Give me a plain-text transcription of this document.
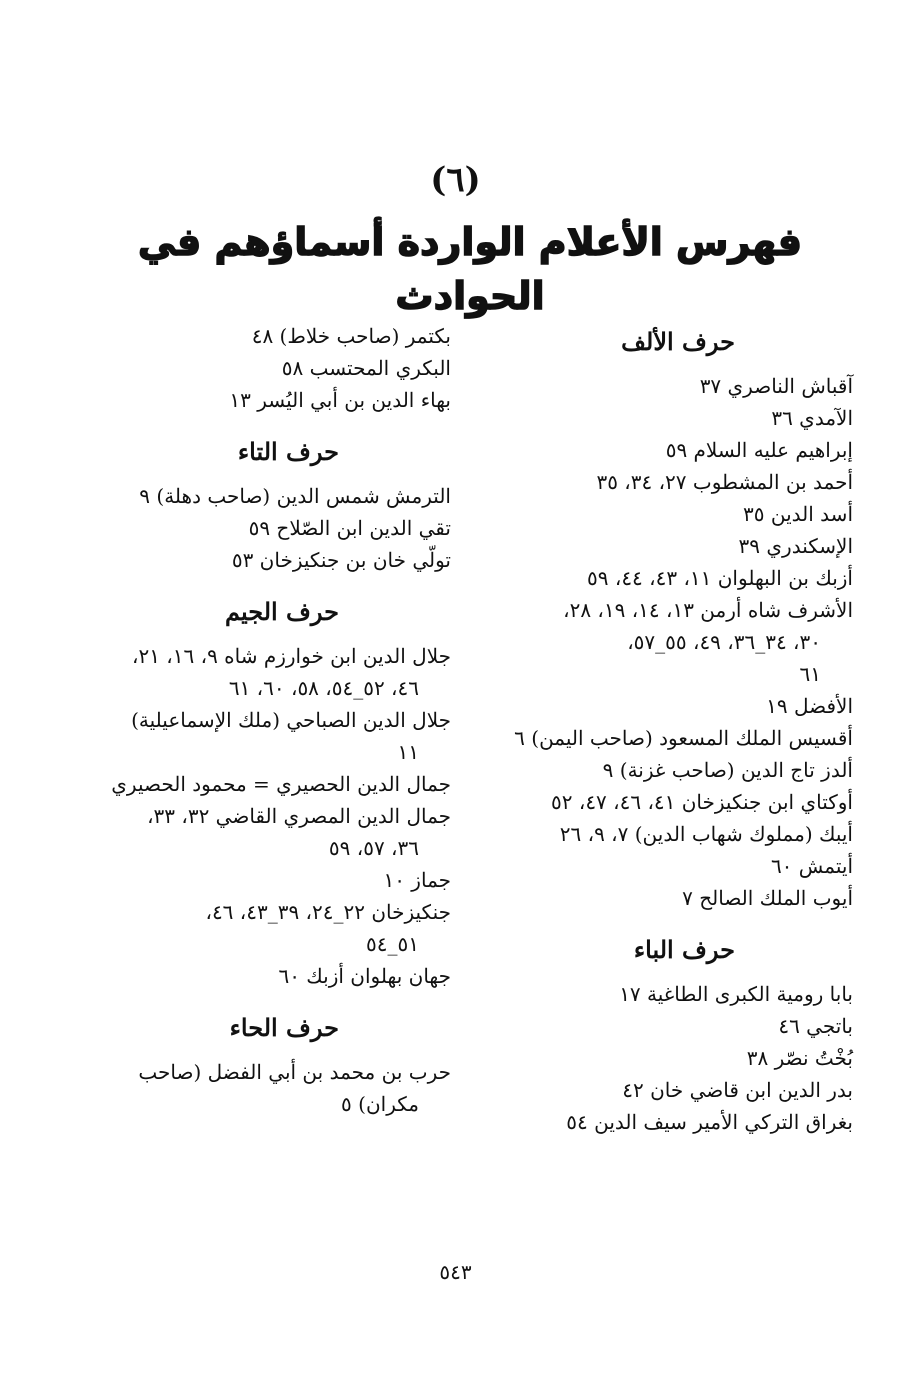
(٦)
فهرس الأعلام الواردة أسماؤهم في الحوادث
حرف الألف
آقباش الناصري ٣٧
الآمدي ٣٦
إبراهيم عليه السلام ٥٩
أحمد بن المشطوب ٢٧، ٣٤، ٣٥
أسد الدين ٣٥
الإسكندري ٣٩
أزبك بن البهلوان ١١، ٤٣، ٤٤، ٥٩
الأشرف شاه أرمن ١٣، ١٤، ١٩، ٢٨،
٣٠، ٣٤_٣٦، ٤٩، ٥٥_٥٧،
٦١
الأفضل ١٩
أقسيس الملك المسعود (صاحب اليمن) ٦
ألدز تاج الدين (صاحب غزنة) ٩
أوكتاي ابن جنكيزخان ٤١، ٤٦، ٤٧، ٥٢
أيبك (مملوك شهاب الدين) ٧، ٩، ٢٦
أيتمش ٦٠
أيوب الملك الصالح ٧
حرف الباء
بابا رومية الكبرى الطاغية ١٧
باتجي ٤٦
بُخْتُ نصّر ٣٨
بدر الدين ابن قاضي خان ٤٢
بغراق التركي الأمير سيف الدين ٥٤
بكتمر (صاحب خلاط) ٤٨
البكري المحتسب ٥٨
بهاء الدين بن أبي اليُسر ١٣
حرف التاء
الترمش شمس الدين (صاحب دهلة) ٩
تقي الدين ابن الصّلاح ٥٩
تولّي خان بن جنكيزخان ٥٣
حرف الجيم
جلال الدين ابن خوارزم شاه ٩، ١٦، ٢١،
٤٦، ٥٢_٥٤، ٥٨، ٦٠، ٦١
جلال الدين الصباحي (ملك الإسماعيلية)
١١
جمال الدين الحصيري = محمود الحصيري
جمال الدين المصري القاضي ٣٢، ٣٣،
٣٦، ٥٧، ٥٩
جماز ١٠
جنكيزخان ٢٢_٢٤، ٣٩_٤٣، ٤٦،
٥١_٥٤
جهان بهلوان أزبك ٦٠
حرف الحاء
حرب بن محمد بن أبي الفضل (صاحب
مكران) ٥
٥٤٣
